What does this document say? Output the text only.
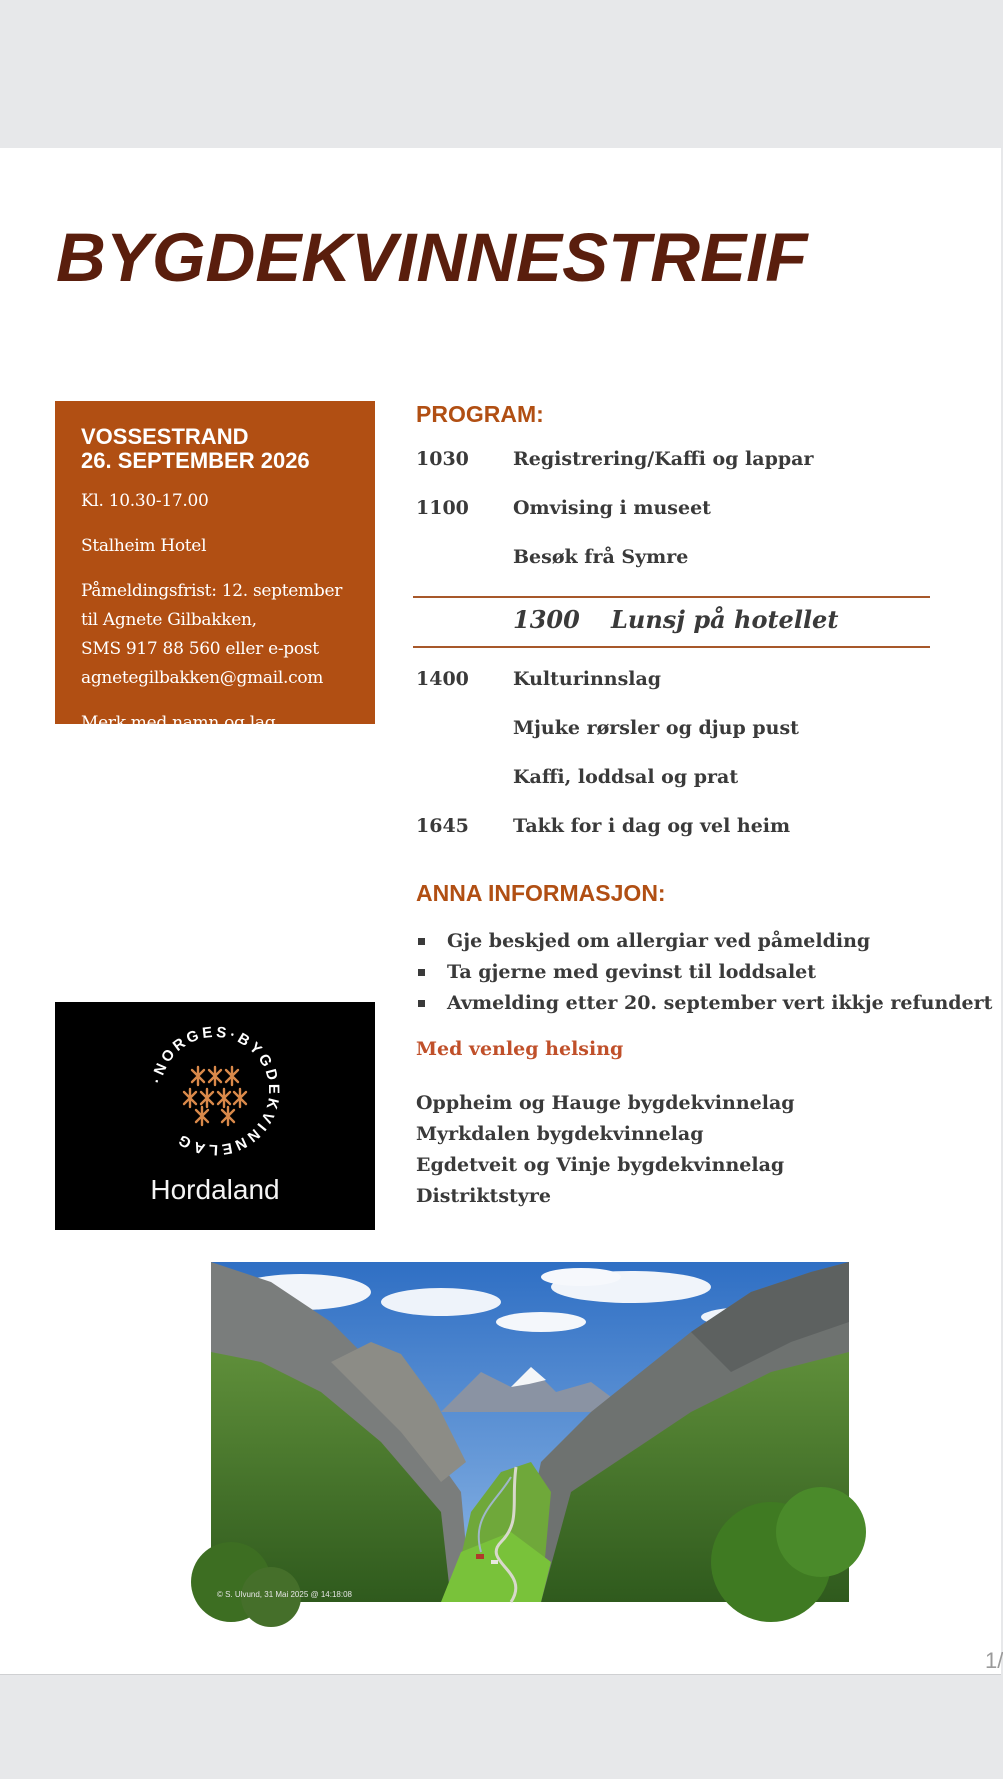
BYGDEKVINNESTREIF
VOSSESTRAND
26. SEPTEMBER 2026
Kl. 10.30-17.00
Stalheim Hotel
Påmeldingsfrist: 12. september
til Agnete Gilbakken,
SMS 917 88 560 eller e-post
agnetegilbakken@gmail.com
Merk med namn og lag.
Medlem: kr. 580,-
Ikkje medlem: kr. 700,-
Betaling ved påmelding til
Kontonr.: 3546.30.41898
Merk betalinga med «Streif»
·NORGES·BYGDEKVINNELAG
Hordaland
PROGRAM:
1030 Registrering/Kaffi og lappar
1100 Omvising i museet
Besøk frå Symre
1300 Lunsj på hotellet
1400 Kulturinnslag
Mjuke rørsler og djup pust
Kaffi, loddsal og prat
1645 Takk for i dag og vel heim
ANNA INFORMASJON:
Gje beskjed om allergiar ved påmelding
Ta gjerne med gevinst til loddsalet
Avmelding etter 20. september vert ikkje refundert
Med venleg helsing
Oppheim og Hauge bygdekvinnelag
Myrkdalen bygdekvinnelag
Egdetveit og Vinje bygdekvinnelag
Distriktstyre
© S. Ulvund, 31 Mai 2025 @ 14:18:08
1/
